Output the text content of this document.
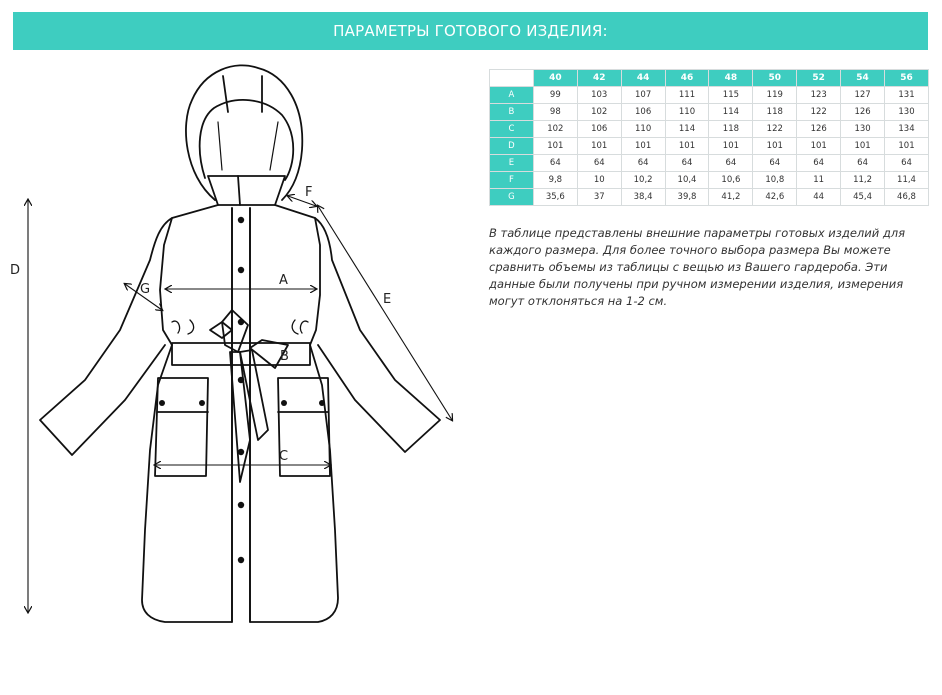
ПАРАМЕТРЫ ГОТОВОГО ИЗДЕЛИЯ:
A
B
C
D
E
F
G
	40	42	44	46	48	50	52	54	56
A	99	103	107	111	115	119	123	127	131
B	98	102	106	110	114	118	122	126	130
C	102	106	110	114	118	122	126	130	134
D	101	101	101	101	101	101	101	101	101
E	64	64	64	64	64	64	64	64	64
F	9,8	10	10,2	10,4	10,6	10,8	11	11,2	11,4
G	35,6	37	38,4	39,8	41,2	42,6	44	45,4	46,8

В таблице представлены внешние параметры готовых изделий для каждого размера. Для более точного выбора размера Вы можете сравнить объемы из таблицы с вещью из Вашего гардероба. Эти данные были получены при ручном измерении изделия, измерения могут отклоняться на 1-2 см.
